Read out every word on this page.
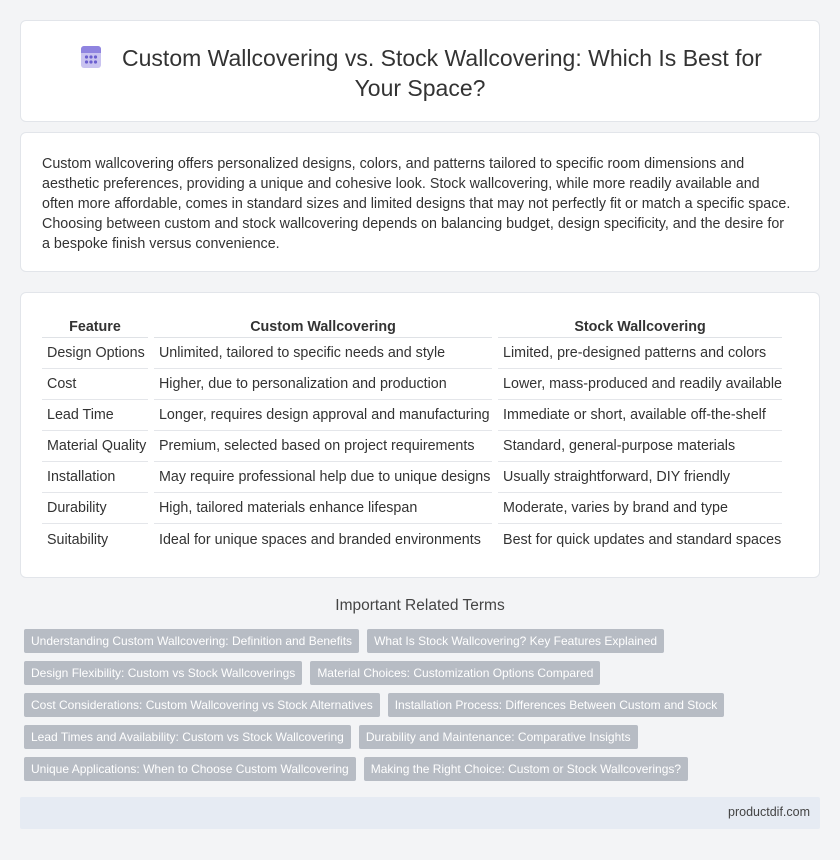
Custom Wallcovering vs. Stock Wallcovering: Which Is Best for Your Space?

Custom wallcovering offers personalized designs, colors, and patterns tailored to specific room dimensions and aesthetic preferences, providing a unique and cohesive look. Stock wallcovering, while more readily available and often more affordable, comes in standard sizes and limited designs that may not perfectly fit or match a specific space. Choosing between custom and stock wallcovering depends on balancing budget, design specificity, and the desire for a bespoke finish versus convenience.

Feature	Custom Wallcovering	Stock Wallcovering
Design Options	Unlimited, tailored to specific needs and style	Limited, pre-designed patterns and colors
Cost	Higher, due to personalization and production	Lower, mass-produced and readily available
Lead Time	Longer, requires design approval and manufacturing	Immediate or short, available off-the-shelf
Material Quality	Premium, selected based on project requirements	Standard, general-purpose materials
Installation	May require professional help due to unique designs	Usually straightforward, DIY friendly
Durability	High, tailored materials enhance lifespan	Moderate, varies by brand and type
Suitability	Ideal for unique spaces and branded environments	Best for quick updates and standard spaces
Important Related Terms
Understanding Custom Wallcovering: Definition and Benefits	What Is Stock Wallcovering? Key Features Explained
Design Flexibility: Custom vs Stock Wallcoverings	Material Choices: Customization Options Compared
Cost Considerations: Custom Wallcovering vs Stock Alternatives	Installation Process: Differences Between Custom and Stock
Lead Times and Availability: Custom vs Stock Wallcovering	Durability and Maintenance: Comparative Insights
Unique Applications: When to Choose Custom Wallcovering	Making the Right Choice: Custom or Stock Wallcoverings?
productdif.com
